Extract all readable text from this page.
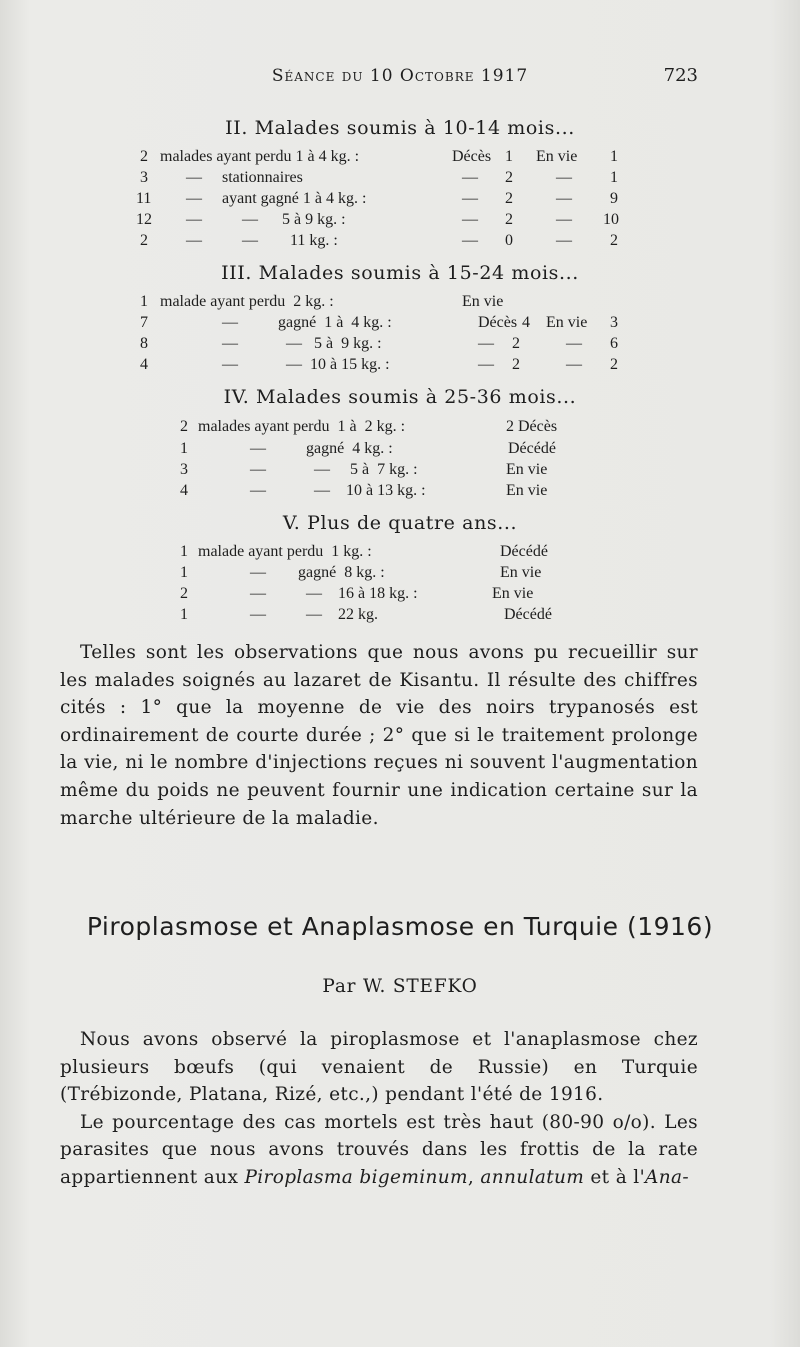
Séance du 10 Octobre 1917	723
II. Malades soumis à 10-14 mois...
2 malades ayant perdu 1 à 4 kg. :	Décès 1 En vie 1
3 —     stationnaires	— 2	— 1
11 —     ayant gagné 1 à 4 kg. :	— 2	— 9
12 —          —      5 à 9 kg. :	— 2	— 10
2 —          —        11 kg. :	— 0	— 2
III. Malades soumis à 15-24 mois...
1 malade ayant perdu  2 kg. :	En vie
7	—          gagné  1 à  4 kg. :	Décès 4 En vie 3
8	—            —   5 à  9 kg. :	— 2	— 6
4	—            —  10 à 15 kg. :	— 2	— 2
IV. Malades soumis à 25-36 mois...
2 malades ayant perdu  1 à  2 kg. :	2 Décès
1	—          gagné  4 kg. :	Décédé
3	—            —     5 à  7 kg. :	En vie
4	—            —    10 à 13 kg. :	En vie
V. Plus de quatre ans...
1 malade ayant perdu  1 kg. :	Décédé
1	—        gagné  8 kg. :	En vie
2	—          —    16 à 18 kg. :	En vie
1	—          —    22 kg.	Décédé

Telles sont les observations que nous avons pu recueillir sur les malades soignés au lazaret de Kisantu. Il résulte des chiffres cités : 1° que la moyenne de vie des noirs trypanosés est ordinairement de courte durée ; 2° que si le traitement prolonge la vie, ni le nombre d'injections reçues ni souvent l'augmentation même du poids ne peuvent fournir une indication certaine sur la marche ultérieure de la maladie.

Piroplasmose et Anaplasmose en Turquie (1916)
Par W. STEFKO

Nous avons observé la piroplasmose et l'anaplasmose chez plusieurs bœufs (qui venaient de Russie) en Turquie (Trébizonde, Platana, Rizé, etc.,) pendant l'été de 1916.

Le pourcentage des cas mortels est très haut (80-90 o/o). Les parasites que nous avons trouvés dans les frottis de la rate appartiennent aux Piroplasma bigeminum, annulatum et à l'Ana-
